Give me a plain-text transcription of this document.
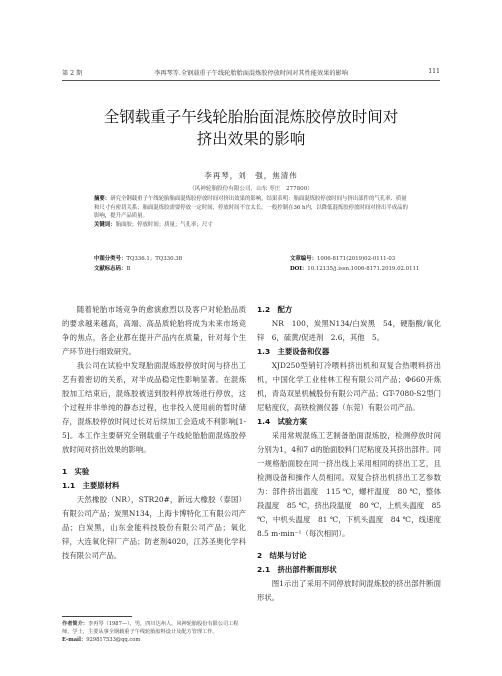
第 2 期	李再琴等.全钢载重子午线轮胎胎面混炼胶停放时间对其性能效果的影响	111
全钢载重子午线轮胎胎面混炼胶停放时间对
挤出效果的影响
李再琴，刘　强，焦清伟
（风神轮胎股份有限公司，山东 枣庄　277800）
摘要：研究全钢载重子午线轮胎胎面混炼胶停放时间对挤出效果的影响。结果表明：胎面混炼胶停放时间与挤出部件的气孔率、质量和尺寸有密切关系；胎面混炼胶需要停放一定时间，停放时间不宜太长，一般控制在36 h内，以降低混炼胶停放时间对挤出半成品的影响，提升产品质量。
关键词：胎面胶；停放时间；质量；气孔率；尺寸
中图分类号：TQ336.1；TQ330.38	文章编号：1006-8171(2019)02-0111-03
文献标志码：B	DOI：10.12135/j.issn.1006-8171.2019.02.0111

随着轮胎市场竞争的愈演愈烈以及客户对轮胎品质的要求越来越高，高端、高品质轮胎将成为未来市场竞争的焦点，各企业都在提升产品内在质量，针对每个生产环节进行细致研究。

我公司在试验中发现胎面混炼胶停放时间与挤出工艺有着密切的关系，对半成品稳定性影响显著。在混炼胶加工结束后，混炼胶被送到胶料停放场进行停放，这个过程并非单纯的静态过程，也非投入使用前的暂时储存，混炼胶停放时间过长对后续加工会造成不利影响[1-5]。本工作主要研究全钢载重子午线轮胎胎面混炼胶停放时间对挤出效果的影响。

1　实验
1.1　主要原材料

天然橡胶（NR），STR20#，新远大橡胶（泰国）有限公司产品；炭黑N134，上海卡博特化工有限公司产品；白炭黑，山东金能科技股份有限公司产品；氧化锌，大连氧化锌厂产品；防老剂4020，江苏圣奥化学科技有限公司产品。

1.2　配方

NR　100，炭黑N134/白炭黑　54，硬脂酸/氧化锌　6，硫黄/促进剂　2.6，其他　5。

1.3　主要设备和仪器

XJD250型销钉冷喂料挤出机和双复合热喂料挤出机，中国化学工业桂林工程有限公司产品；Φ660开炼机，青岛双星机械股份有限公司产品；GT-7080-S2型门尼粘度仪，高铁检测仪器（东莞）有限公司产品。

1.4　试验方案

采用常规混炼工艺制备胎面混炼胶，检测停放时间分别为1，4和7 d的胎面胶料门尼粘度及其挤出部件。同一规格胎面胶在同一挤出线上采用相同的挤出工艺，且检测设备和操作人员相同。双复合挤出机挤出工艺参数为：部件挤出温度　115 ℃，螺杆温度　80 ℃，整体段温度　85 ℃，挤出段温度　80 ℃，上机头温度　85 ℃，中机头温度　81 ℃，下机头温度　84 ℃，线速度　8.5 m·min⁻¹（每次相同）。

2　结果与讨论
2.1　挤出部件断面形状

图1示出了采用不同停放时间混炼胶的挤出部件断面形状。

作者简介：李再琴（1987—），男，四川达州人，风神轮胎股份有限公司工程师，学士，主要从事全钢载重子午线轮胎胶料设计及配方管理工作。
E-mail：929817533@qq.com
